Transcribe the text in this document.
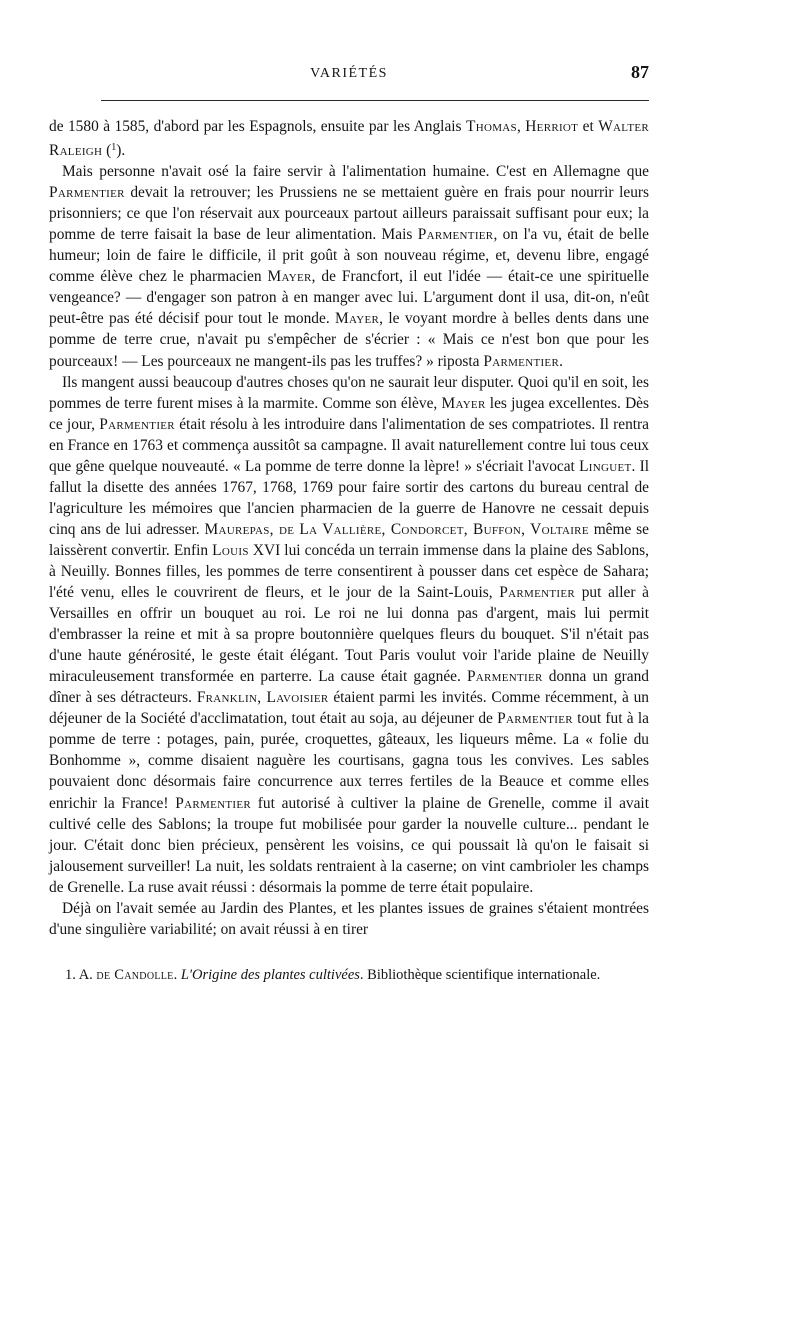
VARIÉTÉS	87

de 1580 à 1585, d'abord par les Espagnols, ensuite par les Anglais Thomas, Herriot et Walter Raleigh ($^1$).

Mais personne n'avait osé la faire servir à l'alimentation humaine. C'est en Allemagne que Parmentier devait la retrouver; les Prussiens ne se mettaient guère en frais pour nourrir leurs prisonniers; ce que l'on réservait aux pourceaux partout ailleurs paraissait suffisant pour eux; la pomme de terre faisait la base de leur alimentation. Mais Parmentier, on l'a vu, était de belle humeur; loin de faire le difficile, il prit goût à son nouveau régime, et, devenu libre, engagé comme élève chez le pharmacien Mayer, de Francfort, il eut l'idée — était-ce une spirituelle vengeance? — d'engager son patron à en manger avec lui. L'argument dont il usa, dit-on, n'eût peut-être pas été décisif pour tout le monde. Mayer, le voyant mordre à belles dents dans une pomme de terre crue, n'avait pu s'empêcher de s'écrier : « Mais ce n'est bon que pour les pourceaux! — Les pourceaux ne mangent-ils pas les truffes? » riposta Parmentier.

Ils mangent aussi beaucoup d'autres choses qu'on ne saurait leur disputer. Quoi qu'il en soit, les pommes de terre furent mises à la marmite. Comme son élève, Mayer les jugea excellentes. Dès ce jour, Parmentier était résolu à les introduire dans l'alimentation de ses compatriotes. Il rentra en France en 1763 et commença aussitôt sa campagne. Il avait naturellement contre lui tous ceux que gêne quelque nouveauté. « La pomme de terre donne la lèpre! » s'écriait l'avocat Linguet. Il fallut la disette des années 1767, 1768, 1769 pour faire sortir des cartons du bureau central de l'agriculture les mémoires que l'ancien pharmacien de la guerre de Hanovre ne cessait depuis cinq ans de lui adresser. Maurepas, de La Vallière, Condorcet, Buffon, Voltaire même se laissèrent convertir. Enfin Louis XVI lui concéda un terrain immense dans la plaine des Sablons, à Neuilly. Bonnes filles, les pommes de terre consentirent à pousser dans cet espèce de Sahara; l'été venu, elles le couvrirent de fleurs, et le jour de la Saint-Louis, Parmentier put aller à Versailles en offrir un bouquet au roi. Le roi ne lui donna pas d'argent, mais lui permit d'embrasser la reine et mit à sa propre boutonnière quelques fleurs du bouquet. S'il n'était pas d'une haute générosité, le geste était élégant. Tout Paris voulut voir l'aride plaine de Neuilly miraculeusement transformée en parterre. La cause était gagnée. Parmentier donna un grand dîner à ses détracteurs. Franklin, Lavoisier étaient parmi les invités. Comme récemment, à un déjeuner de la Société d'acclimatation, tout était au soja, au déjeuner de Parmentier tout fut à la pomme de terre : potages, pain, purée, croquettes, gâteaux, les liqueurs même. La « folie du Bonhomme », comme disaient naguère les courtisans, gagna tous les convives. Les sables pouvaient donc désormais faire concurrence aux terres fertiles de la Beauce et comme elles enrichir la France! Parmentier fut autorisé à cultiver la plaine de Grenelle, comme il avait cultivé celle des Sablons; la troupe fut mobilisée pour garder la nouvelle culture... pendant le jour. C'était donc bien précieux, pensèrent les voisins, ce qui poussait là qu'on le faisait si jalousement surveiller! La nuit, les soldats rentraient à la caserne; on vint cambrioler les champs de Grenelle. La ruse avait réussi : désormais la pomme de terre était populaire.

Déjà on l'avait semée au Jardin des Plantes, et les plantes issues de graines s'étaient montrées d'une singulière variabilité; on avait réussi à en tirer

1. A. de Candolle. L'Origine des plantes cultivées. Bibliothèque scientifique internationale.
